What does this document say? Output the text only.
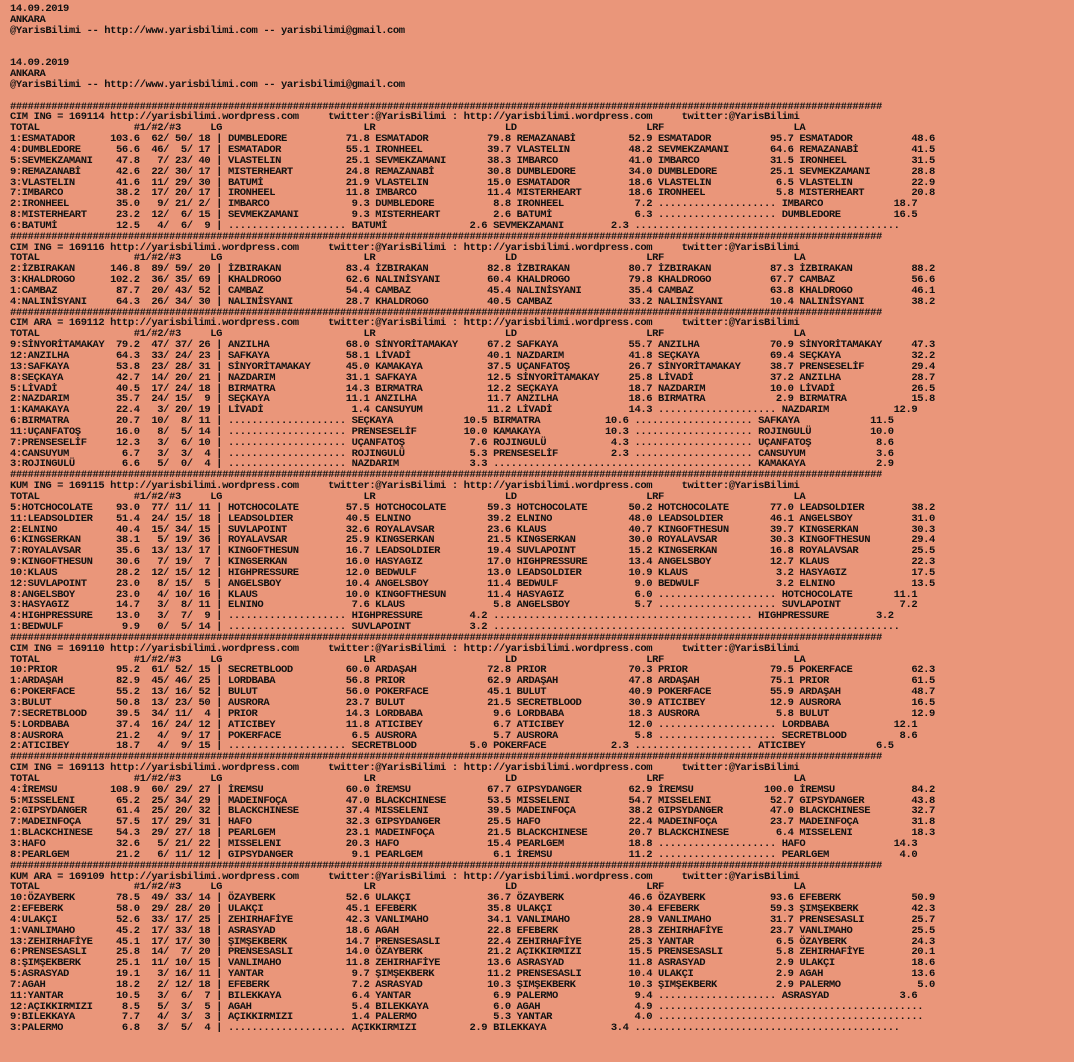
14.09.2019
ANKARA
@YarisBilimi -- http://www.yarisbilimi.com -- yarisbilimi@gmail.com
14.09.2019
ANKARA
@YarisBilimi -- http://www.yarisbilimi.com -- yarisbilimi@gmail.com
####################################################################################################################################################
CIM ING = 169114 http://yarisbilimi.wordpress.com     twitter:@YarisBilimi : http://yarisbilimi.wordpress.com     twitter:@YarisBilimi
TOTAL                #1/#2/#3     LG                        LR                      LD                      LRF                      LA
1:ESMATADOR      103.6  62/ 50/ 18 | DUMBLEDORE          71.8 ESMATADOR          79.8 REMAZANABİ         52.9 ESMATADOR          95.7 ESMATADOR          48.6
4:DUMBLEDORE      56.6  46/  5/ 17 | ESMATADOR           55.1 IRONHEEL           39.7 VLASTELIN          48.2 SEVMEKZAMANI       64.6 REMAZANABİ         41.5
5:SEVMEKZAMANI    47.8   7/ 23/ 40 | VLASTELIN           25.1 SEVMEKZAMANI       38.3 IMBARCO            41.0 IMBARCO            31.5 IRONHEEL           31.5
9:REMAZANABİ      42.6  22/ 30/ 17 | MISTERHEART         24.8 REMAZANABİ         30.8 DUMBLEDORE         34.0 DUMBLEDORE         25.1 SEVMEKZAMANI       28.8
3:VLASTELIN       41.6  11/ 29/ 30 | BATUMİ              21.9 VLASTELIN          15.0 ESMATADOR          18.6 VLASTELIN           6.5 VLASTELIN          22.9
7:IMBARCO         38.2  17/ 20/ 17 | IRONHEEL            11.8 IMBARCO            11.4 MISTERHEART        18.6 IRONHEEL            5.8 MISTERHEART        20.8
2:IRONHEEL        35.0   9/ 21/ 2/ | IMBARCO              9.3 DUMBLEDORE          8.8 IRONHEEL            7.2 .................... IMBARCO            18.7
8:MISTERHEART     23.2  12/  6/ 15 | SEVMEKZAMANI         9.3 MISTERHEART         2.6 BATUMİ              6.3 .................... DUMBLEDORE         16.5
6:BATUMİ          12.5   4/  6/  9 | .................... BATUMİ              2.6 SEVMEKZAMANI        2.3 .............................................
####################################################################################################################################################
CIM ING = 169116 http://yarisbilimi.wordpress.com     twitter:@YarisBilimi : http://yarisbilimi.wordpress.com     twitter:@YarisBilimi
TOTAL                #1/#2/#3     LG                        LR                      LD                      LRF                      LA
2:İZBIRAKAN      146.8  89/ 59/ 20 | İZBIRAKAN           83.4 İZBIRAKAN          82.8 İZBIRAKAN          80.7 İZBIRAKAN          87.3 İZBIRAKAN          88.2
3:KHALDROGO      102.2  36/ 35/ 69 | KHALDROGO           62.6 NALINİSYANI        60.4 KHALDROGO          79.8 KHALDROGO          67.7 CAMBAZ             56.6
1:CAMBAZ          87.7  20/ 43/ 52 | CAMBAZ              54.4 CAMBAZ             45.4 NALINİSYANI        35.4 CAMBAZ             63.8 KHALDROGO          46.1
4:NALINİSYANI     64.3  26/ 34/ 30 | NALINİSYANI         28.7 KHALDROGO          40.5 CAMBAZ             33.2 NALINİSYANI        10.4 NALINİSYANI        38.2
####################################################################################################################################################
CIM ARA = 169112 http://yarisbilimi.wordpress.com     twitter:@YarisBilimi : http://yarisbilimi.wordpress.com     twitter:@YarisBilimi
TOTAL                #1/#2/#3     LG                        LR                      LD                      LRF                      LA
9:SİNYORİTAMAKAY  79.2  47/ 37/ 26 | ANZILHA             68.0 SİNYORİTAMAKAY     67.2 SAFKAYA            55.7 ANZILHA            70.9 SİNYORİTAMAKAY     47.3
12:ANZILHA        64.3  33/ 24/ 23 | SAFKAYA             58.1 LİVADİ             40.1 NAZDARIM           41.8 SEÇKAYA            69.4 SEÇKAYA            32.2
13:SAFKAYA        53.8  23/ 28/ 31 | SİNYORİTAMAKAY      45.0 KAMAKAYA           37.5 UÇANFATOŞ          26.7 SİNYORİTAMAKAY     38.7 PRENSESELİF        29.4
8:SEÇKAYA         42.7  14/ 20/ 21 | NAZDARIM            31.1 SAFKAYA            12.5 SİNYORİTAMAKAY     25.8 LİVADİ             37.2 ANZILHA            28.7
5:LİVADİ          40.5  17/ 24/ 18 | BIRMATRA            14.3 BIRMATRA           12.2 SEÇKAYA            18.7 NAZDARIM           10.0 LİVADİ             26.5
2:NAZDARIM        35.7  24/ 15/  9 | SEÇKAYA             11.1 ANZILHA            11.7 ANZILHA            18.6 BIRMATRA            2.9 BIRMATRA           15.8
1:KAMAKAYA        22.4   3/ 20/ 19 | LİVADİ               1.4 CANSUYUM           11.2 LİVADİ             14.3 .................... NAZDARIM           12.9
6:BIRMATRA        20.7  10/  8/ 11 | .................... SEÇKAYA            10.5 BIRMATRA           10.6 .................... SAFKAYA            11.5
11:UÇANFATOŞ      16.0   8/  5/ 14 | .................... PRENSESELİF        10.0 KAMAKAYA           10.3 .................... ROJINGULÜ          10.0
7:PRENSESELİF     12.3   3/  6/ 10 | .................... UÇANFATOŞ           7.6 ROJINGULÜ           4.3 .................... UÇANFATOŞ           8.6
4:CANSUYUM         6.7   3/  3/  4 | .................... ROJINGULÜ           5.3 PRENSESELİF         2.3 .................... CANSUYUM            3.6
3:ROJINGULÜ        6.6   5/  0/  4 | .................... NAZDARIM            3.3 ............................................ KAMAKAYA            2.9
####################################################################################################################################################
KUM ING = 169115 http://yarisbilimi.wordpress.com     twitter:@YarisBilimi : http://yarisbilimi.wordpress.com     twitter:@YarisBilimi
TOTAL                #1/#2/#3     LG                        LR                      LD                      LRF                      LA
5:HOTCHOCOLATE    93.0  77/ 11/ 11 | HOTCHOCOLATE        57.5 HOTCHOCOLATE       59.3 HOTCHOCOLATE       50.2 HOTCHOCOLATE       77.0 LEADSOLDIER        38.2
11:LEADSOLDIER    51.4  24/ 15/ 18 | LEADSOLDIER         40.5 ELNINO             39.2 ELNINO             48.0 LEADSOLDIER        46.1 ANGELSBOY          31.0
2:ELNINO          40.4  15/ 34/ 15 | SUVLAPOINT          32.6 ROYALAVSAR         23.6 KLAUS              40.7 KINGOFTHESUN       39.7 KINGSERKAN         30.3
6:KINGSERKAN      38.1   5/ 19/ 36 | ROYALAVSAR          25.9 KINGSERKAN         21.5 KINGSERKAN         30.0 ROYALAVSAR         30.3 KINGOFTHESUN       29.4
7:ROYALAVSAR      35.6  13/ 13/ 17 | KINGOFTHESUN        16.7 LEADSOLDIER        19.4 SUVLAPOINT         15.2 KINGSERKAN         16.8 ROYALAVSAR         25.5
9:KINGOFTHESUN    30.6   7/ 19/  7 | KINGSERKAN          16.0 HASYAGIZ           17.0 HIGHPRESSURE       13.4 ANGELSBOY          12.7 KLAUS              22.3
10:KLAUS          28.2  12/ 15/ 12 | HIGHPRESSURE        12.0 BEDWULF            13.0 LEADSOLDIER        10.9 KLAUS               3.2 HASYAGIZ           17.5
12:SUVLAPOINT     23.0   8/ 15/  5 | ANGELSBOY           10.4 ANGELSBOY          11.4 BEDWULF             9.0 BEDWULF             3.2 ELNINO             13.5
8:ANGELSBOY       23.0   4/ 10/ 16 | KLAUS               10.0 KINGOFTHESUN       11.4 HASYAGIZ            6.0 .................... HOTCHOCOLATE       11.1
3:HASYAGIZ        14.7   3/  8/ 11 | ELNINO               7.6 KLAUS               5.8 ANGELSBOY           5.7 .................... SUVLAPOINT          7.2
4:HIGHPRESSURE    13.0   3/  7/  9 | .................... HIGHPRESSURE        4.2 ............................................ HIGHPRESSURE        3.2
1:BEDWULF          9.9   0/  5/ 14 | .................... SUVLAPOINT          3.2 .....................................................................
####################################################################################################################################################
CIM ING = 169110 http://yarisbilimi.wordpress.com     twitter:@YarisBilimi : http://yarisbilimi.wordpress.com     twitter:@YarisBilimi
TOTAL                #1/#2/#3     LG                        LR                      LD                      LRF                      LA
10:PRIOR          95.2  61/ 52/ 15 | SECRETBLOOD         60.0 ARDAŞAH            72.8 PRIOR              70.3 PRIOR              79.5 POKERFACE          62.3
1:ARDAŞAH         82.9  45/ 46/ 25 | LORDBABA            56.8 PRIOR              62.9 ARDAŞAH            47.8 ARDAŞAH            75.1 PRIOR              61.5
6:POKERFACE       55.2  13/ 16/ 52 | BULUT               56.0 POKERFACE          45.1 BULUT              40.9 POKERFACE          55.9 ARDAŞAH            48.7
3:BULUT           50.8  13/ 23/ 50 | AUSRORA             23.7 BULUT              21.5 SECRETBLOOD        30.9 ATICIBEY           12.9 AUSRORA            16.5
7:SECRETBLOOD     39.5  34/ 11/  4 | PRIOR               14.3 LORDBABA            9.6 LORDBABA           18.3 AUSRORA             5.8 BULUT              12.9
5:LORDBABA        37.4  16/ 24/ 12 | ATICIBEY            11.8 ATICIBEY            6.7 ATICIBEY           12.0 .................... LORDBABA           12.1
8:AUSRORA         21.2   4/  9/ 17 | POKERFACE            6.5 AUSRORA             5.7 AUSRORA             5.8 .................... SECRETBLOOD         8.6
2:ATICIBEY        18.7   4/  9/ 15 | .................... SECRETBLOOD         5.0 POKERFACE           2.3 .................... ATICIBEY            6.5
####################################################################################################################################################
CIM ING = 169113 http://yarisbilimi.wordpress.com     twitter:@YarisBilimi : http://yarisbilimi.wordpress.com     twitter:@YarisBilimi
TOTAL                #1/#2/#3     LG                        LR                      LD                      LRF                      LA
4:İREMSU         108.9  60/ 29/ 27 | İREMSU              60.0 İREMSU             67.7 GIPSYDANGER        62.9 İREMSU            100.0 İREMSU             84.2
5:MISSELENI       65.2  25/ 34/ 29 | MADEINFOÇA          47.0 BLACKCHINESE       53.5 MISSELENI          54.7 MISSELENI          52.7 GIPSYDANGER        43.8
2:GIPSYDANGER     61.4  25/ 20/ 32 | BLACKCHINESE        37.4 MISSELENI          39.5 MADEINFOÇA         38.2 GIPSYDANGER        47.0 BLACKCHINESE       32.7
7:MADEINFOÇA      57.5  17/ 29/ 31 | HAFO                32.3 GIPSYDANGER        25.5 HAFO               22.4 MADEINFOÇA         23.7 MADEINFOÇA         31.8
1:BLACKCHINESE    54.3  29/ 27/ 18 | PEARLGEM            23.1 MADEINFOÇA         21.5 BLACKCHINESE       20.7 BLACKCHINESE        6.4 MISSELENI          18.3
3:HAFO            32.6   5/ 21/ 22 | MISSELENI           20.3 HAFO               15.4 PEARLGEM           18.8 .................... HAFO               14.3
8:PEARLGEM        21.2   6/ 11/ 12 | GIPSYDANGER          9.1 PEARLGEM            6.1 İREMSU             11.2 .................... PEARLGEM            4.0
####################################################################################################################################################
KUM ARA = 169109 http://yarisbilimi.wordpress.com     twitter:@YarisBilimi : http://yarisbilimi.wordpress.com     twitter:@YarisBilimi
TOTAL                #1/#2/#3     LG                        LR                      LD                      LRF                      LA
10:ÖZAYBERK       78.5  49/ 33/ 14 | ÖZAYBERK            52.6 ULAKÇI             36.7 ÖZAYBERK           46.6 ÖZAYBERK           93.6 EFEBERK            50.9
2:EFEBERK         58.0  29/ 28/ 20 | ULAKÇI              45.1 EFEBERK            35.8 ULAKÇI             30.4 EFEBERK            59.3 ŞIMŞEKBERK         42.3
4:ULAKÇI          52.6  33/ 17/ 25 | ZEHIRHAFİYE         42.3 VANLIMAHO          34.1 VANLIMAHO          28.9 VANLIMAHO          31.7 PRENSESASLI        25.7
1:VANLIMAHO       45.2  17/ 33/ 18 | ASRASYAD            18.6 AGAH               22.8 EFEBERK            28.3 ZEHIRHAFİYE        23.7 VANLIMAHO          25.5
13:ZEHIRHAFİYE    45.1  17/ 17/ 30 | ŞIMŞEKBERK          14.7 PRENSESASLI        22.4 ZEHIRHAFİYE        25.3 YANTAR              6.5 ÖZAYBERK           24.3
6:PRENSESASLI     25.8  14/  7/ 20 | PRENSESASLI         14.0 ÖZAYBERK           21.2 AÇIKKIRMIZI        15.5 PRENSESASLI         5.8 ZEHIRHAFİYE        20.1
8:ŞIMŞEKBERK      25.1  11/ 10/ 15 | VANLIMAHO           11.8 ZEHIRHAFİYE        13.6 ASRASYAD           11.8 ASRASYAD            2.9 ULAKÇI             18.6
5:ASRASYAD        19.1   3/ 16/ 11 | YANTAR               9.7 ŞIMŞEKBERK         11.2 PRENSESASLI        10.4 ULAKÇI              2.9 AGAH               13.6
7:AGAH            18.2   2/ 12/ 18 | EFEBERK              7.2 ASRASYAD           10.3 ŞIMŞEKBERK         10.3 ŞIMŞEKBERK          2.9 PALERMO             5.0
11:YANTAR         10.5   3/  6/  7 | BILEKKAYA            6.4 YANTAR              6.9 PALERMO             9.4 .................... ASRASYAD            3.6
12:AÇIKKIRMIZI     8.5   5/  3/  5 | AGAH                 5.4 BILEKKAYA           6.0 AGAH                4.9 .............................................
9:BILEKKAYA        7.7   4/  3/  3 | AÇIKKIRMIZI          1.4 PALERMO             5.3 YANTAR              4.0 .............................................
3:PALERMO          6.8   3/  5/  4 | .................... AÇIKKIRMIZI         2.9 BILEKKAYA           3.4 .............................................
